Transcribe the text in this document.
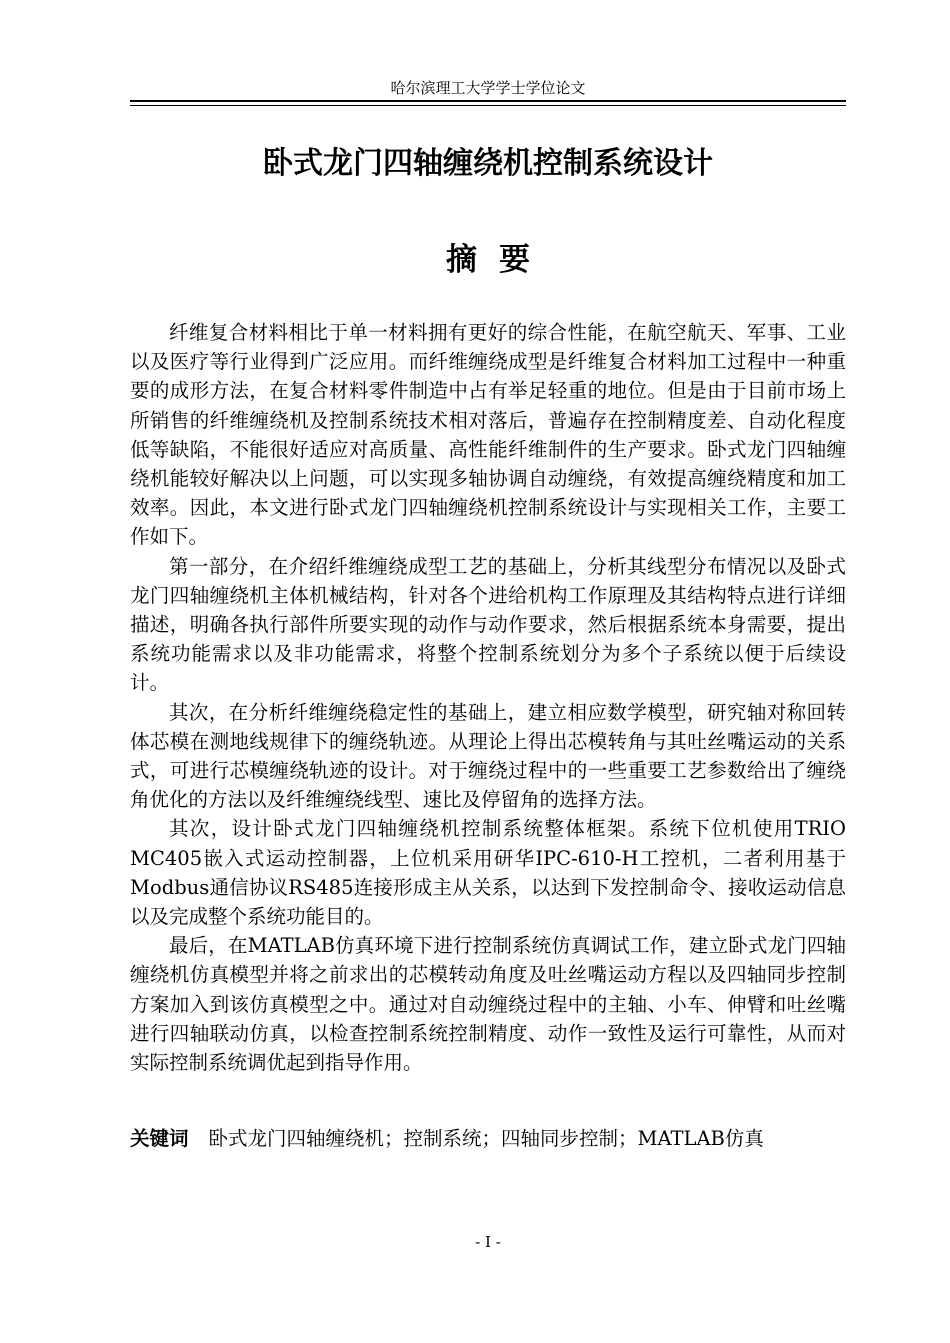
哈尔滨理工大学学士学位论文
卧式龙门四轴缠绕机控制系统设计
摘要

纤维复合材料相比于单一材料拥有更好的综合性能，在航空航天、军事、工业以及医疗等行业得到广泛应用。而纤维缠绕成型是纤维复合材料加工过程中一种重要的成形方法，在复合材料零件制造中占有举足轻重的地位。但是由于目前市场上所销售的纤维缠绕机及控制系统技术相对落后，普遍存在控制精度差、自动化程度低等缺陷，不能很好适应对高质量、高性能纤维制件的生产要求。卧式龙门四轴缠绕机能较好解决以上问题，可以实现多轴协调自动缠绕，有效提高缠绕精度和加工效率。因此，本文进行卧式龙门四轴缠绕机控制系统设计与实现相关工作，主要工作如下。

第一部分，在介绍纤维缠绕成型工艺的基础上，分析其线型分布情况以及卧式龙门四轴缠绕机主体机械结构，针对各个进给机构工作原理及其结构特点进行详细描述，明确各执行部件所要实现的动作与动作要求，然后根据系统本身需要，提出系统功能需求以及非功能需求，将整个控制系统划分为多个子系统以便于后续设计。

其次，在分析纤维缠绕稳定性的基础上，建立相应数学模型，研究轴对称回转体芯模在测地线规律下的缠绕轨迹。从理论上得出芯模转角与其吐丝嘴运动的关系式，可进行芯模缠绕轨迹的设计。对于缠绕过程中的一些重要工艺参数给出了缠绕角优化的方法以及纤维缠绕线型、速比及停留角的选择方法。

其次，设计卧式龙门四轴缠绕机控制系统整体框架。系统下位机使用TRIO MC405嵌入式运动控制器，上位机采用研华IPC-610-H工控机，二者利用基于Modbus通信协议RS485连接形成主从关系，以达到下发控制命令、接收运动信息以及完成整个系统功能目的。

最后，在MATLAB仿真环境下进行控制系统仿真调试工作，建立卧式龙门四轴缠绕机仿真模型并将之前求出的芯模转动角度及吐丝嘴运动方程以及四轴同步控制方案加入到该仿真模型之中。通过对自动缠绕过程中的主轴、小车、伸臂和吐丝嘴进行四轴联动仿真，以检查控制系统控制精度、动作一致性及运行可靠性，从而对实际控制系统调优起到指导作用。

关键词 卧式龙门四轴缠绕机；控制系统；四轴同步控制；MATLAB仿真
- I -
